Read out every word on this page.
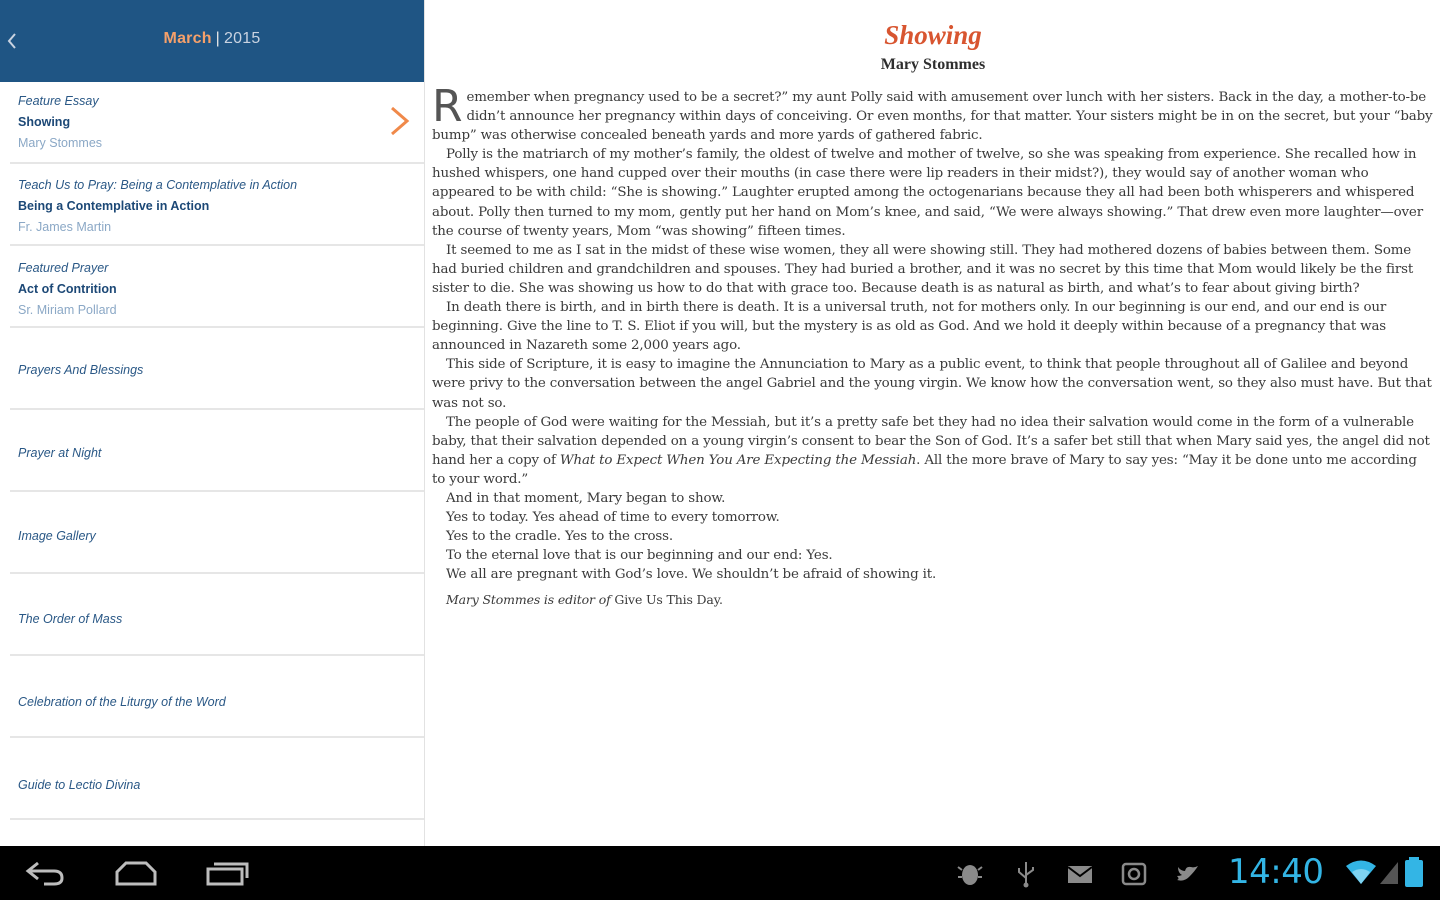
March | 2015
Feature Essay
Showing
Mary Stommes
Teach Us to Pray: Being a Contemplative in Action
Being a Contemplative in Action
Fr. James Martin
Featured Prayer
Act of Contrition
Sr. Miriam Pollard
Prayers And Blessings
Prayer at Night
Image Gallery
The Order of Mass
Celebration of the Liturgy of the Word
Guide to Lectio Divina
Showing
Mary Stommes

Remember when pregnancy used to be a secret?” my aunt Polly said with amusement over lunch with her sisters. Back in the day, a mother-to-be didn’t announce her pregnancy within days of conceiving. Or even months, for that matter. Your sisters might be in on the secret, but your “baby bump” was otherwise concealed beneath yards and more yards of gathered fabric.

Polly is the matriarch of my mother’s family, the oldest of twelve and mother of twelve, so she was speaking from experience. She recalled how in hushed whispers, one hand cupped over their mouths (in case there were lip readers in their midst?), they would say of another woman who appeared to be with child: “She is showing.” Laughter erupted among the octogenarians because they all had been both whisperers and whispered about. Polly then turned to my mom, gently put her hand on Mom’s knee, and said, “We were always showing.” That drew even more laughter—over the course of twenty years, Mom “was showing” fifteen times.

It seemed to me as I sat in the midst of these wise women, they all were showing still. They had mothered dozens of babies between them. Some had buried children and grandchildren and spouses. They had buried a brother, and it was no secret by this time that Mom would likely be the first sister to die. She was showing us how to do that with grace too. Because death is as natural as birth, and what’s to fear about giving birth?

In death there is birth, and in birth there is death. It is a universal truth, not for mothers only. In our beginning is our end, and our end is our beginning. Give the line to T. S. Eliot if you will, but the mystery is as old as God. And we hold it deeply within because of a pregnancy that was announced in Nazareth some 2,000 years ago.

This side of Scripture, it is easy to imagine the Annunciation to Mary as a public event, to think that people throughout all of Galilee and beyond were privy to the conversation between the angel Gabriel and the young virgin. We know how the conversation went, so they also must have. But that was not so.

The people of God were waiting for the Messiah, but it’s a pretty safe bet they had no idea their salvation would come in the form of a vulnerable baby, that their salvation depended on a young virgin’s consent to bear the Son of God. It’s a safer bet still that when Mary said yes, the angel did not hand her a copy of What to Expect When You Are Expecting the Messiah. All the more brave of Mary to say yes: “May it be done unto me according to your word.”

And in that moment, Mary began to show.

Yes to today. Yes ahead of time to every tomorrow.

Yes to the cradle. Yes to the cross.

To the eternal love that is our beginning and our end: Yes.

We all are pregnant with God’s love. We shouldn’t be afraid of showing it.

Mary Stommes is editor of Give Us This Day.
14:40
